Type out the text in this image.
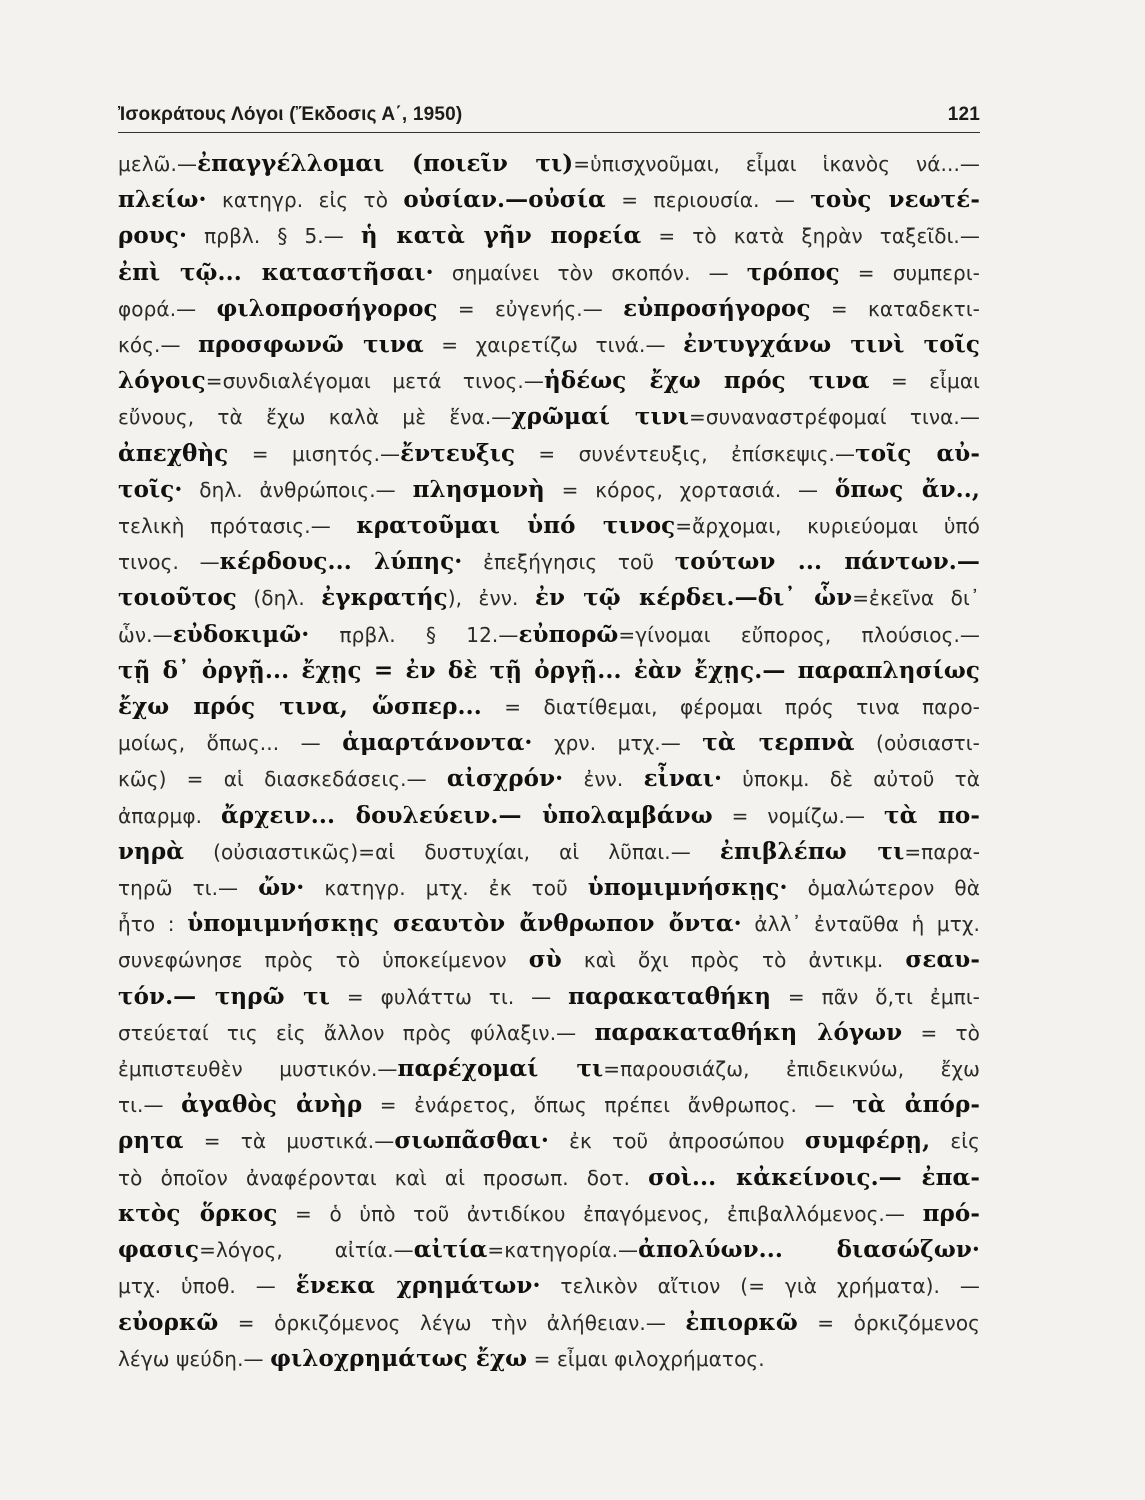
Ἰσοκράτους Λόγοι (Ἔκδοσις Α΄, 1950)	121
μελῶ.—ἐπαγγέλλομαι (ποιεῖν τι)=ὑπισχνοῦμαι, εἶμαι ἱκανὸς νά...—
πλείω· κατηγρ. εἰς τὸ οὐσίαν.—οὐσία = περιουσία. — τοὺς νεωτέ-
ρους· πρβλ. § 5.— ἡ κατὰ γῆν πορεία = τὸ κατὰ ξηρὰν ταξεῖδι.—
ἐπὶ τῷ... καταστῆσαι· σημαίνει τὸν σκοπόν. — τρόπος = συμπερι-
φορά.— φιλοπροσήγορος = εὐγενής.— εὐπροσήγορος = καταδεκτι-
κός.— προσφωνῶ τινα = χαιρετίζω τινά.— ἐντυγχάνω τινὶ τοῖς
λόγοις=συνδιαλέγομαι μετά τινος.—ἡδέως ἔχω πρός τινα = εἶμαι
εὔνους, τὰ ἔχω καλὰ μὲ ἕνα.—χρῶμαί τινι=συναναστρέφομαί τινα.—
ἀπεχθὴς = μισητός.—ἔντευξις = συνέντευξις, ἐπίσκεψις.—τοῖς αὐ-
τοῖς· δηλ. ἀνθρώποις.— πλησμονὴ = κόρος, χορτασιά. — ὅπως ἄν..,
τελικὴ πρότασις.— κρατοῦμαι ὑπό τινος=ἄρχομαι, κυριεύομαι ὑπό
τινος. —κέρδους... λύπης· ἐπεξήγησις τοῦ τούτων ... πάντων.—
τοιοῦτος (δηλ. ἐγκρατής), ἐνν. ἐν τῷ κέρδει.—δι᾽ ὧν=ἐκεῖνα δι᾽
ὧν.—εὐδοκιμῶ· πρβλ. § 12.—εὐπορῶ=γίνομαι εὔπορος, πλούσιος.—
τῇ δ᾽ ὀργῇ... ἔχῃς = ἐν δὲ τῇ ὀργῇ... ἐὰν ἔχῃς.— παραπλησίως
ἔχω πρός τινα, ὥσπερ... = διατίθεμαι, φέρομαι πρός τινα παρο-
μοίως, ὅπως... — ἁμαρτάνοντα· χρν. μτχ.— τὰ τερπνὰ (οὐσιαστι-
κῶς) = αἱ διασκεδάσεις.— αἰσχρόν· ἐνν. εἶναι· ὑποκμ. δὲ αὐτοῦ τὰ
ἀπαρμφ. ἄρχειν... δουλεύειν.— ὑπολαμβάνω = νομίζω.— τὰ πο-
νηρὰ (οὐσιαστικῶς)=αἱ δυστυχίαι, αἱ λῦπαι.— ἐπιβλέπω τι=παρα-
τηρῶ τι.— ὤν· κατηγρ. μτχ. ἐκ τοῦ ὑπομιμνήσκῃς· ὁμαλώτερον θὰ
ἦτο : ὑπομιμνήσκῃς σεαυτὸν ἄνθρωπον ὄντα· ἀλλ᾽ ἐνταῦθα ἡ μτχ.
συνεφώνησε πρὸς τὸ ὑποκείμενον σὺ καὶ ὄχι πρὸς τὸ ἀντικμ. σεαυ-
τόν.— τηρῶ τι = φυλάττω τι. — παρακαταθήκη = πᾶν ὅ,τι ἐμπι-
στεύεταί τις εἰς ἄλλον πρὸς φύλαξιν.— παρακαταθήκη λόγων = τὸ
ἐμπιστευθὲν μυστικόν.—παρέχομαί τι=παρουσιάζω, ἐπιδεικνύω, ἔχω
τι.— ἀγαθὸς ἀνὴρ = ἐνάρετος, ὅπως πρέπει ἄνθρωπος. — τὰ ἀπόρ-
ρητα = τὰ μυστικά.—σιωπᾶσθαι· ἐκ τοῦ ἀπροσώπου συμφέρῃ, εἰς
τὸ ὁποῖον ἀναφέρονται καὶ αἱ προσωπ. δοτ. σοὶ... κἀκείνοις.— ἐπα-
κτὸς ὅρκος = ὁ ὑπὸ τοῦ ἀντιδίκου ἐπαγόμενος, ἐπιβαλλόμενος.— πρό-
φασις=λόγος, αἰτία.—αἰτία=κατηγορία.—ἀπολύων... διασώζων·
μτχ. ὑποθ. — ἕνεκα χρημάτων· τελικὸν αἴτιον (= γιὰ χρήματα). —
εὐορκῶ = ὁρκιζόμενος λέγω τὴν ἀλήθειαν.— ἐπιορκῶ = ὁρκιζόμενος
λέγω ψεύδη.— φιλοχρημάτως ἔχω = εἶμαι φιλοχρήματος.
